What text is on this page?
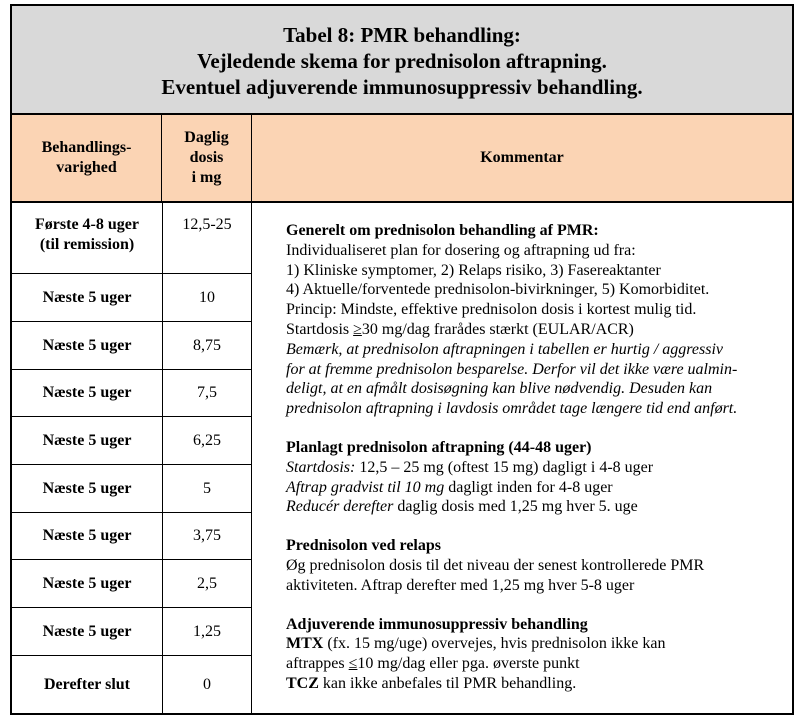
Tabel 8: PMR behandling:
Vejledende skema for prednisolon aftrapning.
Eventuel adjuverende immunosuppressiv behandling.
Behandlings-
varighed
Daglig
dosis
i mg
Kommentar
Første 4-8 uger
(til remission)
Næste 5 uger
Næste 5 uger
Næste 5 uger
Næste 5 uger
Næste 5 uger
Næste 5 uger
Næste 5 uger
Næste 5 uger
Derefter slut
12,5-25
10
8,75
7,5
6,25
5
3,75
2,5
1,25
0
Generelt om prednisolon behandling af PMR:
Individualiseret plan for dosering og aftrapning ud fra:
1) Kliniske symptomer, 2) Relaps risiko, 3) Fasereaktanter
4) Aktuelle/forventede prednisolon-bivirkninger, 5) Komorbiditet.
Princip: Mindste, effektive prednisolon dosis i kortest mulig tid.
Startdosis ≥30 mg/dag frarådes stærkt (EULAR/ACR)
Bemærk, at prednisolon aftrapningen i tabellen er hurtig / aggressiv
for at fremme prednisolon besparelse. Derfor vil det ikke være ualmin-
deligt, at en afmålt dosisøgning kan blive nødvendig. Desuden kan
prednisolon aftrapning i lavdosis området tage længere tid end anført.
Planlagt prednisolon aftrapning (44-48 uger)
Startdosis: 12,5 – 25 mg (oftest 15 mg) dagligt i 4-8 uger
Aftrap gradvist til 10 mg dagligt inden for 4-8 uger
Reducér derefter daglig dosis med 1,25 mg hver 5. uge
Prednisolon ved relaps
Øg prednisolon dosis til det niveau der senest kontrollerede PMR
aktiviteten. Aftrap derefter med 1,25 mg hver 5-8 uger
Adjuverende immunosuppressiv behandling
MTX (fx. 15 mg/uge) overvejes, hvis prednisolon ikke kan
aftrappes ≤10 mg/dag eller pga. øverste punkt
TCZ kan ikke anbefales til PMR behandling.
